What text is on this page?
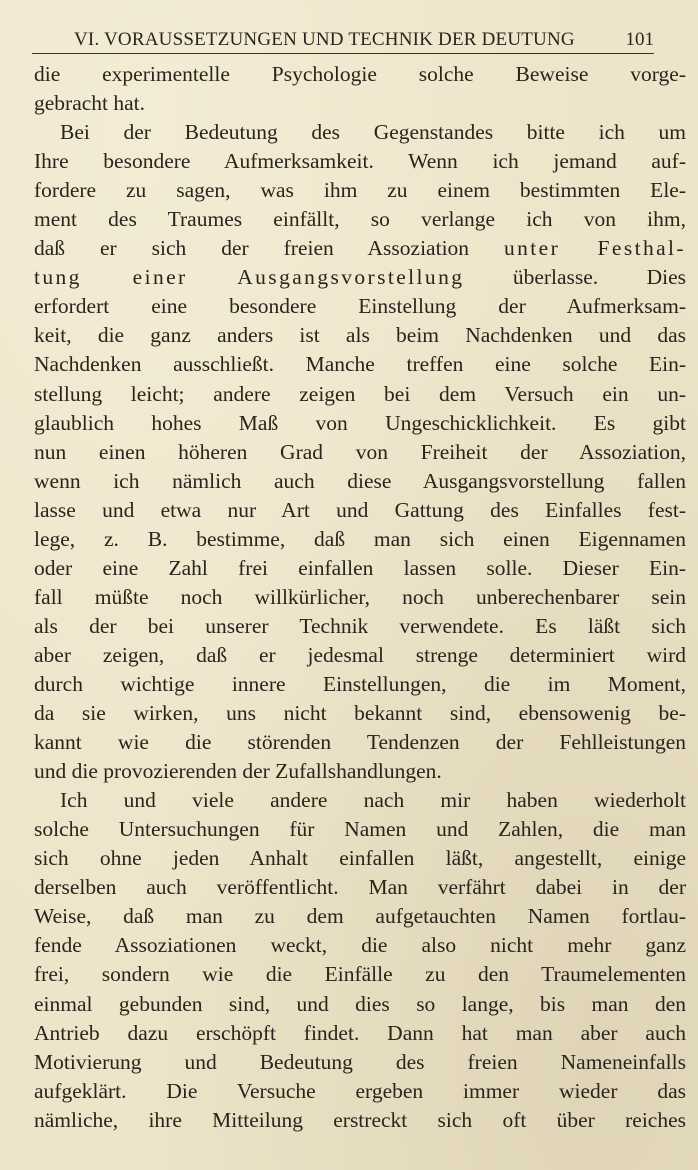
VI. VORAUSSETZUNGEN UND TECHNIK DER DEUTUNG	101
die experimentelle Psychologie solche Beweise vorge-
gebracht hat.
Bei der Bedeutung des Gegenstandes bitte ich um
Ihre besondere Aufmerksamkeit. Wenn ich jemand auf-
fordere zu sagen, was ihm zu einem bestimmten Ele-
ment des Traumes einfällt, so verlange ich von ihm,
daß er sich der freien Assoziation unter Festhal-
tung einer Ausgangsvorstellung überlasse. Dies
erfordert eine besondere Einstellung der Aufmerksam-
keit, die ganz anders ist als beim Nachdenken und das
Nachdenken ausschließt. Manche treffen eine solche Ein-
stellung leicht; andere zeigen bei dem Versuch ein un-
glaublich hohes Maß von Ungeschicklichkeit. Es gibt
nun einen höheren Grad von Freiheit der Assoziation,
wenn ich nämlich auch diese Ausgangsvorstellung fallen
lasse und etwa nur Art und Gattung des Einfalles fest-
lege, z. B. bestimme, daß man sich einen Eigennamen
oder eine Zahl frei einfallen lassen solle. Dieser Ein-
fall müßte noch willkürlicher, noch unberechenbarer sein
als der bei unserer Technik verwendete. Es läßt sich
aber zeigen, daß er jedesmal strenge determiniert wird
durch wichtige innere Einstellungen, die im Moment,
da sie wirken, uns nicht bekannt sind, ebensowenig be-
kannt wie die störenden Tendenzen der Fehlleistungen
und die provozierenden der Zufallshandlungen.
Ich und viele andere nach mir haben wiederholt
solche Untersuchungen für Namen und Zahlen, die man
sich ohne jeden Anhalt einfallen läßt, angestellt, einige
derselben auch veröffentlicht. Man verfährt dabei in der
Weise, daß man zu dem aufgetauchten Namen fortlau-
fende Assoziationen weckt, die also nicht mehr ganz
frei, sondern wie die Einfälle zu den Traumelementen
einmal gebunden sind, und dies so lange, bis man den
Antrieb dazu erschöpft findet. Dann hat man aber auch
Motivierung und Bedeutung des freien Nameneinfalls
aufgeklärt. Die Versuche ergeben immer wieder das
nämliche, ihre Mitteilung erstreckt sich oft über reiches
